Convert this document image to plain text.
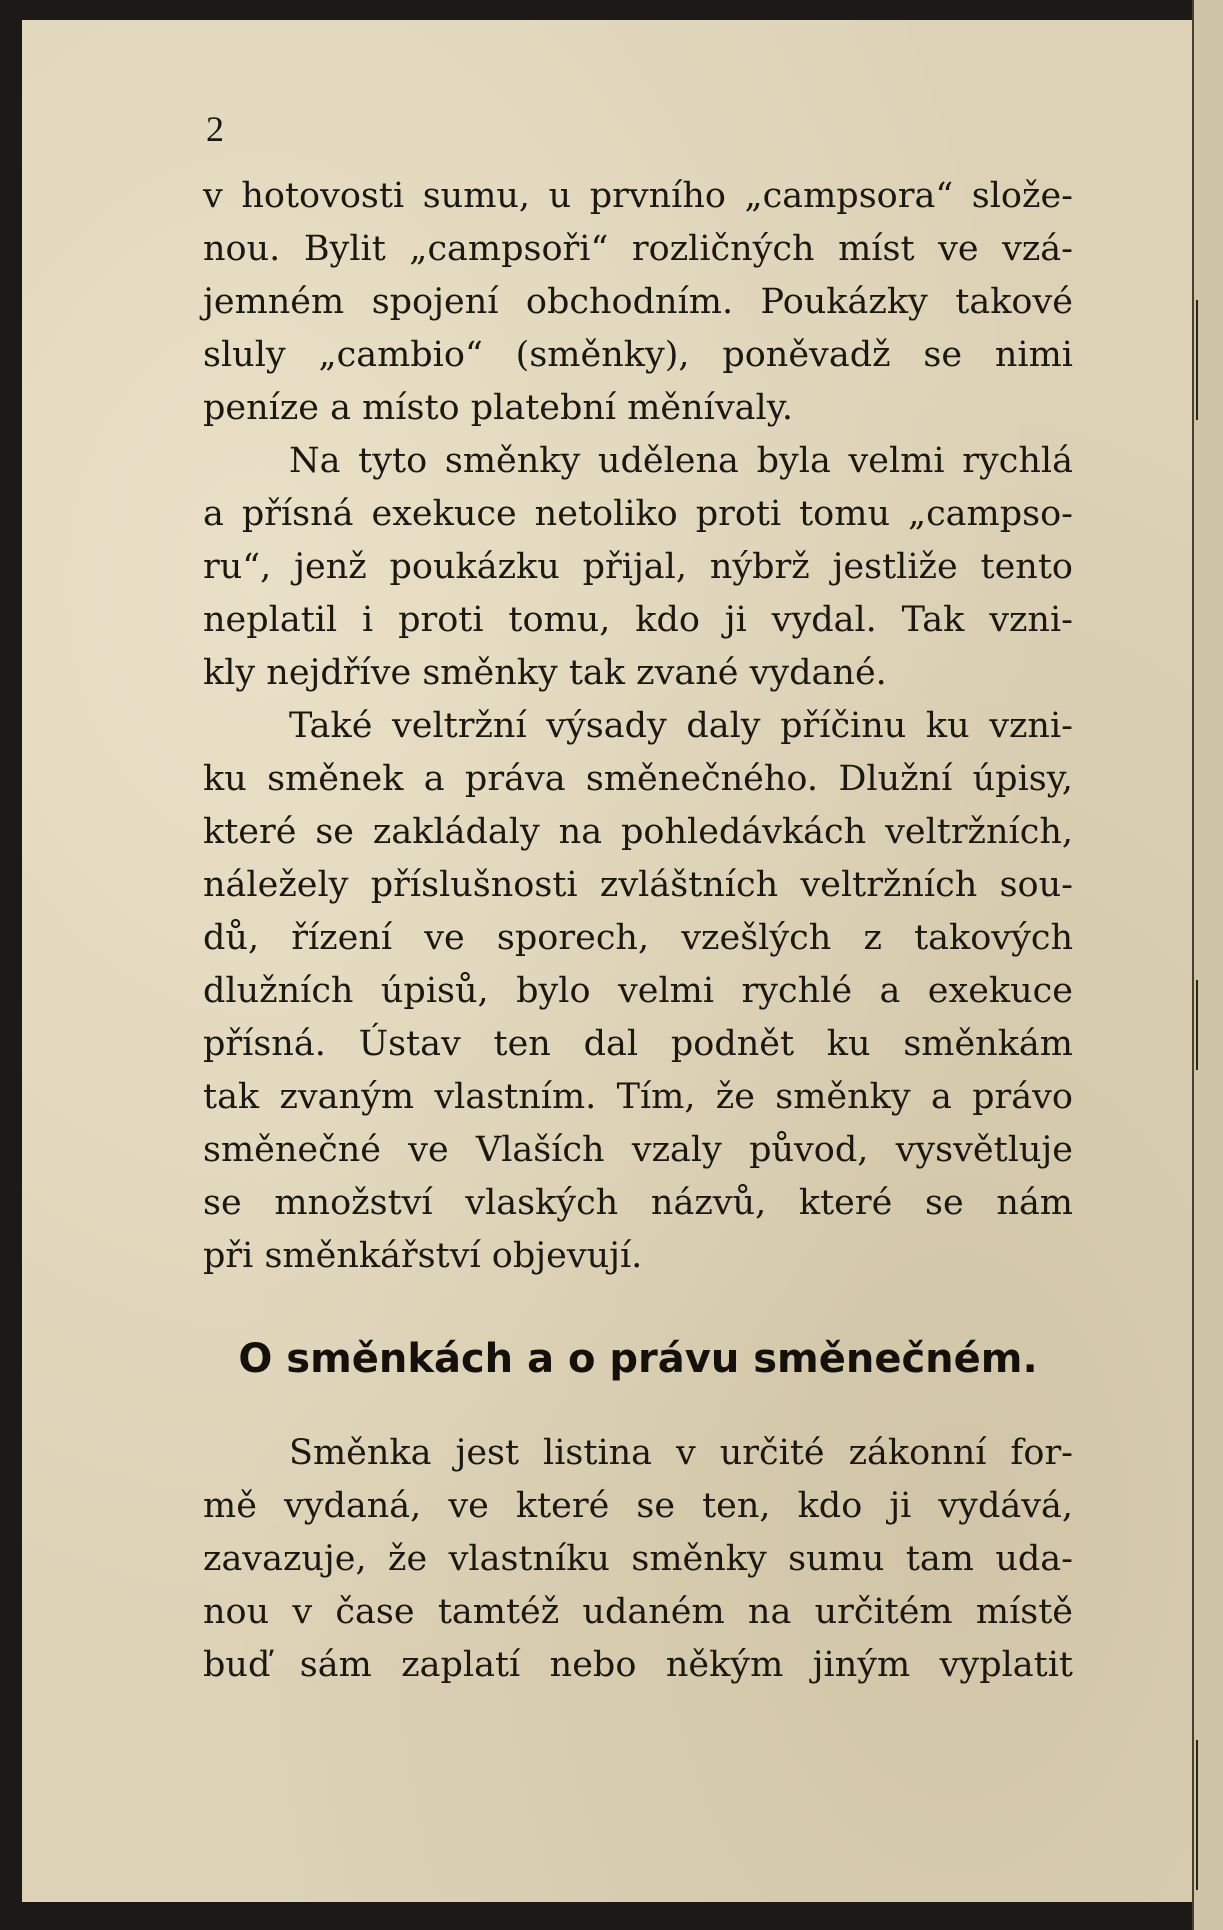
2
v hotovosti sumu, u prvního „campsora“ slože-
nou. Bylit „campsoři“ rozličných míst ve vzá-
jemném spojení obchodním. Poukázky takové
sluly „cambio“ (směnky), poněvadž se nimi
peníze a místo platební měnívaly.
Na tyto směnky udělena byla velmi rychlá
a přísná exekuce netoliko proti tomu „campso-
ru“, jenž poukázku přijal, nýbrž jestliže tento
neplatil i proti tomu, kdo ji vydal. Tak vzni-
kly nejdříve směnky tak zvané vydané.
Také veltržní výsady daly příčinu ku vzni-
ku směnek a práva směnečného. Dlužní úpisy,
které se zakládaly na pohledávkách veltržních,
náležely příslušnosti zvláštních veltržních sou-
dů, řízení ve sporech, vzešlých z takových
dlužních úpisů, bylo velmi rychlé a exekuce
přísná. Ústav ten dal podnět ku směnkám
tak zvaným vlastním. Tím, že směnky a právo
směnečné ve Vlaších vzaly původ, vysvětluje
se množství vlaských názvů, které se nám
při směnkářství objevují.
O směnkách a o právu směnečném.
Směnka jest listina v určité zákonní for-
mě vydaná, ve které se ten, kdo ji vydává,
zavazuje, že vlastníku směnky sumu tam uda-
nou v čase tamtéž udaném na určitém místě
buď sám zaplatí nebo někým jiným vyplatit
